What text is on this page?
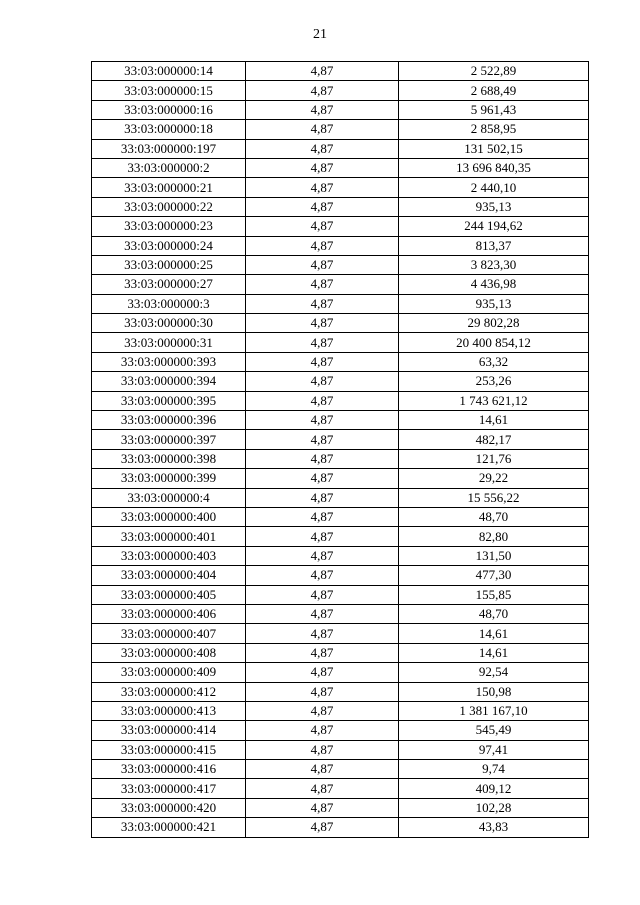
21
33:03:000000:14	4,87	2 522,89
33:03:000000:15	4,87	2 688,49
33:03:000000:16	4,87	5 961,43
33:03:000000:18	4,87	2 858,95
33:03:000000:197	4,87	131 502,15
33:03:000000:2	4,87	13 696 840,35
33:03:000000:21	4,87	2 440,10
33:03:000000:22	4,87	935,13
33:03:000000:23	4,87	244 194,62
33:03:000000:24	4,87	813,37
33:03:000000:25	4,87	3 823,30
33:03:000000:27	4,87	4 436,98
33:03:000000:3	4,87	935,13
33:03:000000:30	4,87	29 802,28
33:03:000000:31	4,87	20 400 854,12
33:03:000000:393	4,87	63,32
33:03:000000:394	4,87	253,26
33:03:000000:395	4,87	1 743 621,12
33:03:000000:396	4,87	14,61
33:03:000000:397	4,87	482,17
33:03:000000:398	4,87	121,76
33:03:000000:399	4,87	29,22
33:03:000000:4	4,87	15 556,22
33:03:000000:400	4,87	48,70
33:03:000000:401	4,87	82,80
33:03:000000:403	4,87	131,50
33:03:000000:404	4,87	477,30
33:03:000000:405	4,87	155,85
33:03:000000:406	4,87	48,70
33:03:000000:407	4,87	14,61
33:03:000000:408	4,87	14,61
33:03:000000:409	4,87	92,54
33:03:000000:412	4,87	150,98
33:03:000000:413	4,87	1 381 167,10
33:03:000000:414	4,87	545,49
33:03:000000:415	4,87	97,41
33:03:000000:416	4,87	9,74
33:03:000000:417	4,87	409,12
33:03:000000:420	4,87	102,28
33:03:000000:421	4,87	43,83
